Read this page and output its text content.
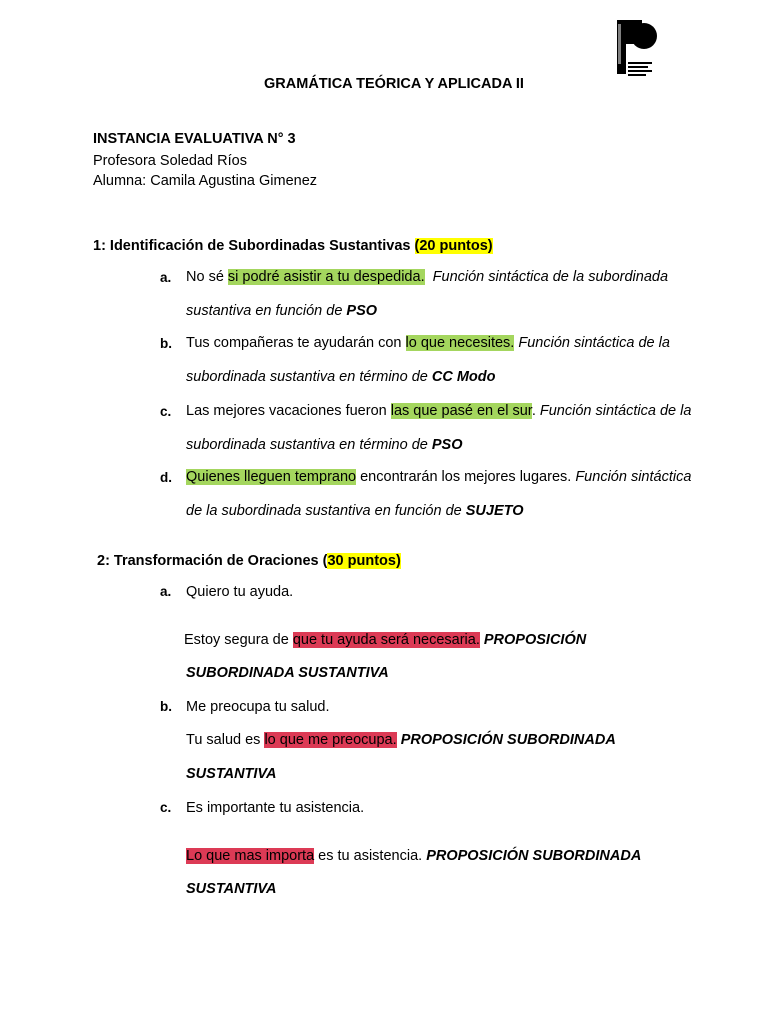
GRAMÁTICA TEÓRICA Y APLICADA II
INSTANCIA EVALUATIVA N° 3
Profesora Soledad Ríos
Alumna: Camila Agustina Gimenez
1: Identificación de Subordinadas Sustantivas (20 puntos)
a.	No sé si podré asistir a tu despedida. Función sintáctica de la subordinada sustantiva en función de PSO
b. Tus compañeras te ayudarán con lo que necesites. Función sintáctica de la subordinada sustantiva en término de CC Modo
c.	Las mejores vacaciones fueron las que pasé en el sur. Función sintáctica de la subordinada sustantiva en término de PSO
d. Quienes lleguen temprano encontrarán los mejores lugares. Función sintáctica de la subordinada sustantiva en función de SUJETO
2: Transformación de Oraciones (30 puntos)
a. Quiero tu ayuda.
Estoy segura de que tu ayuda será necesaria. PROPOSICIÓN
SUBORDINADA SUSTANTIVA
b. Me preocupa tu salud.
Tu salud es lo que me preocupa. PROPOSICIÓN SUBORDINADA
SUSTANTIVA
c. Es importante tu asistencia.
Lo que mas importa es tu asistencia. PROPOSICIÓN SUBORDINADA
SUSTANTIVA
